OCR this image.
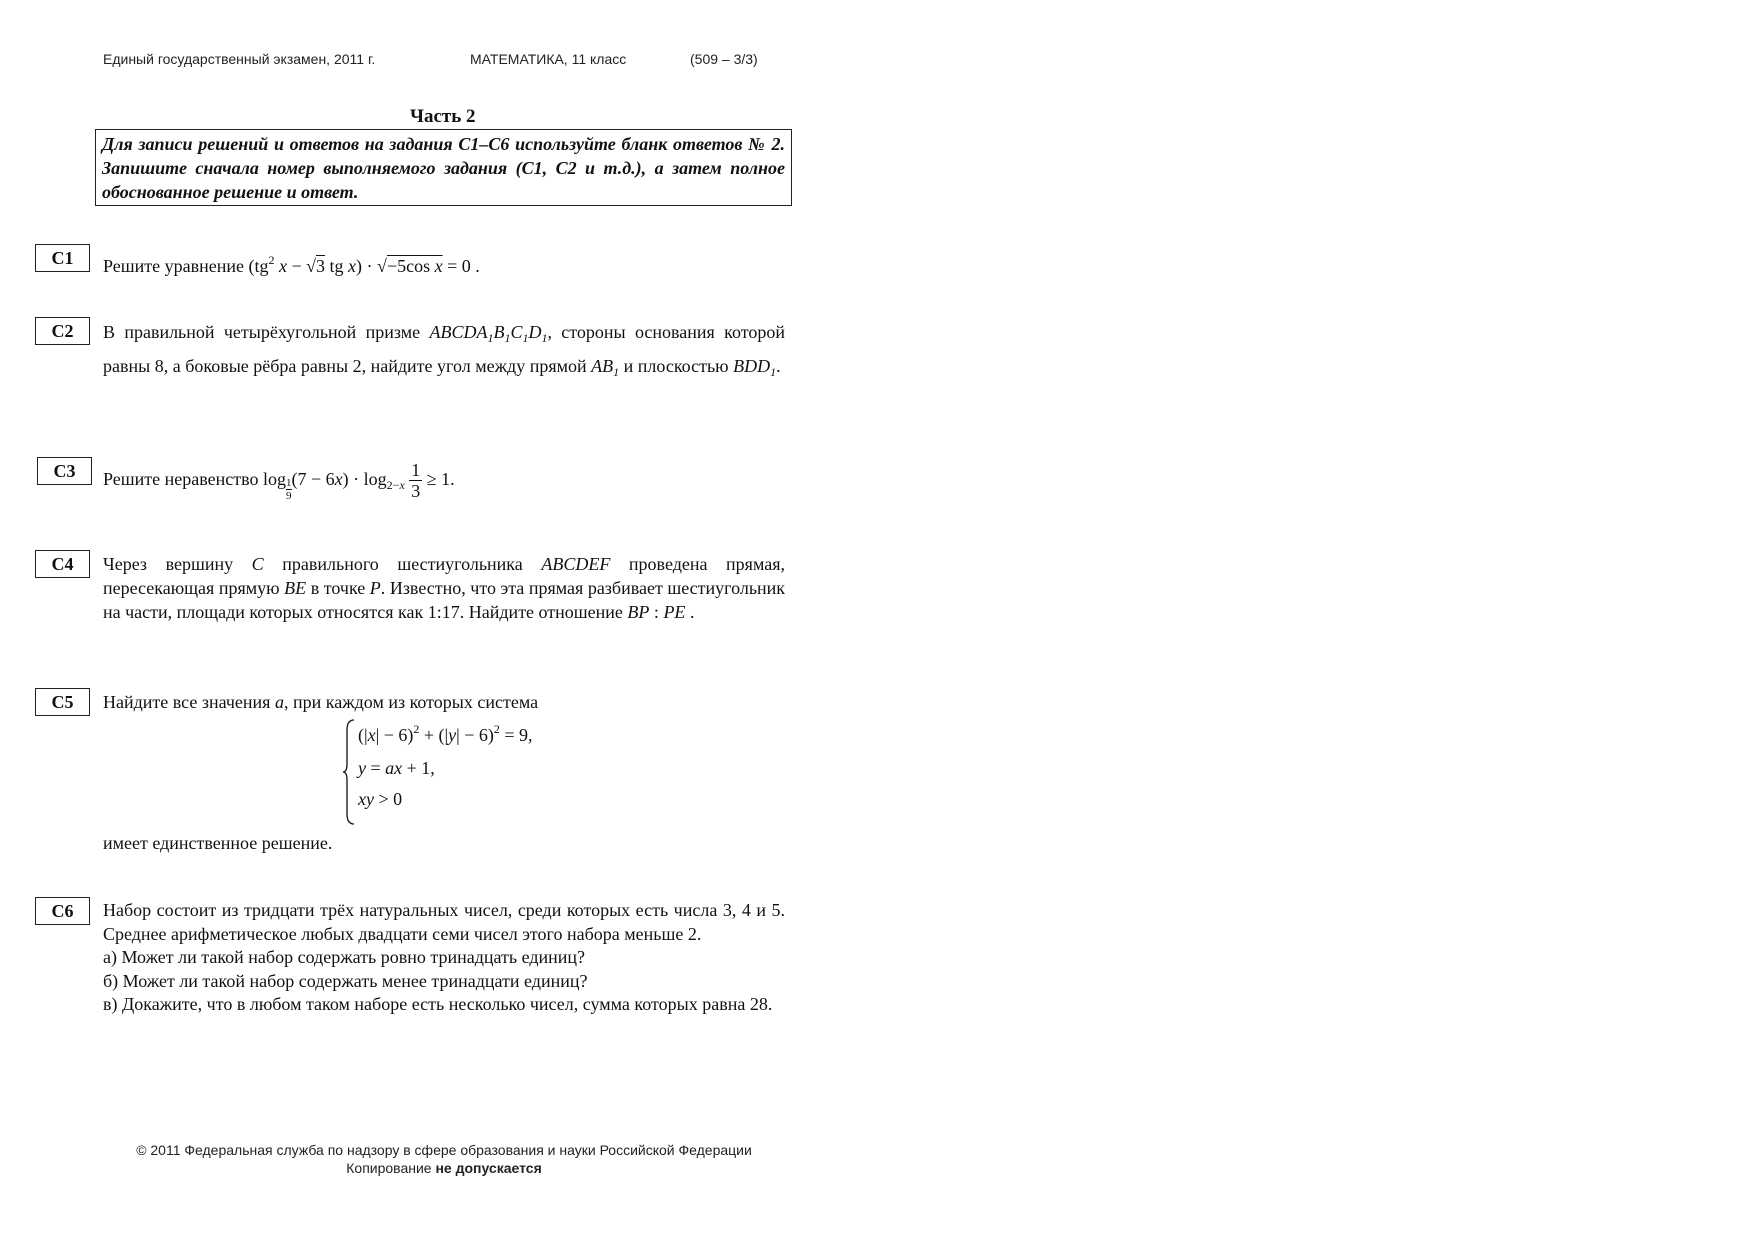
Единый государственный экзамен, 2011 г.	МАТЕМАТИКА, 11 класс	(509 – 3/3)
Часть 2
Для записи решений и ответов на задания С1–С6 используйте бланк ответов № 2. Запишите сначала номер выполняемого задания (С1, С2 и т.д.), а затем полное обоснованное решение и ответ.
C1	Решите уравнение ($tg^2$ x − √3 tg x) · √−5cos x = 0 .
C2	В правильной четырёхугольной призме $ABCDA_1B_1C_1D_1$, стороны основания которой равны 8, а боковые рёбра равны 2, найдите угол между прямой $AB_1$ и плоскостью $BDD_1$.
C3	Решите неравенство $\log \frac{1}{9} (7 - 6x) \cdot \log_{2-x} \frac{1}{3} \ge 1$.
C4	Через вершину C правильного шестиугольника ABCDEF проведена прямая, пересекающая прямую BE в точке P. Известно, что эта прямая разбивает шестиугольник на части, площади которых относятся как 1:17. Найдите отношение BP : PE .
C5	Найдите все значения a, при каждом из которых система
$(|x| - 6)^2 + (|y| - 6)^2 = 9$,
y = ax + 1,
xy > 0
имеет единственное решение.
C6	Набор состоит из тридцати трёх натуральных чисел, среди которых есть числа 3, 4 и 5. Среднее арифметическое любых двадцати семи чисел этого набора меньше 2.
а) Может ли такой набор содержать ровно тринадцать единиц?
б) Может ли такой набор содержать менее тринадцати единиц?
в) Докажите, что в любом таком наборе есть несколько чисел, сумма которых равна 28.
© 2011 Федеральная служба по надзору в сфере образования и науки Российской Федерации
Копирование не допускается
